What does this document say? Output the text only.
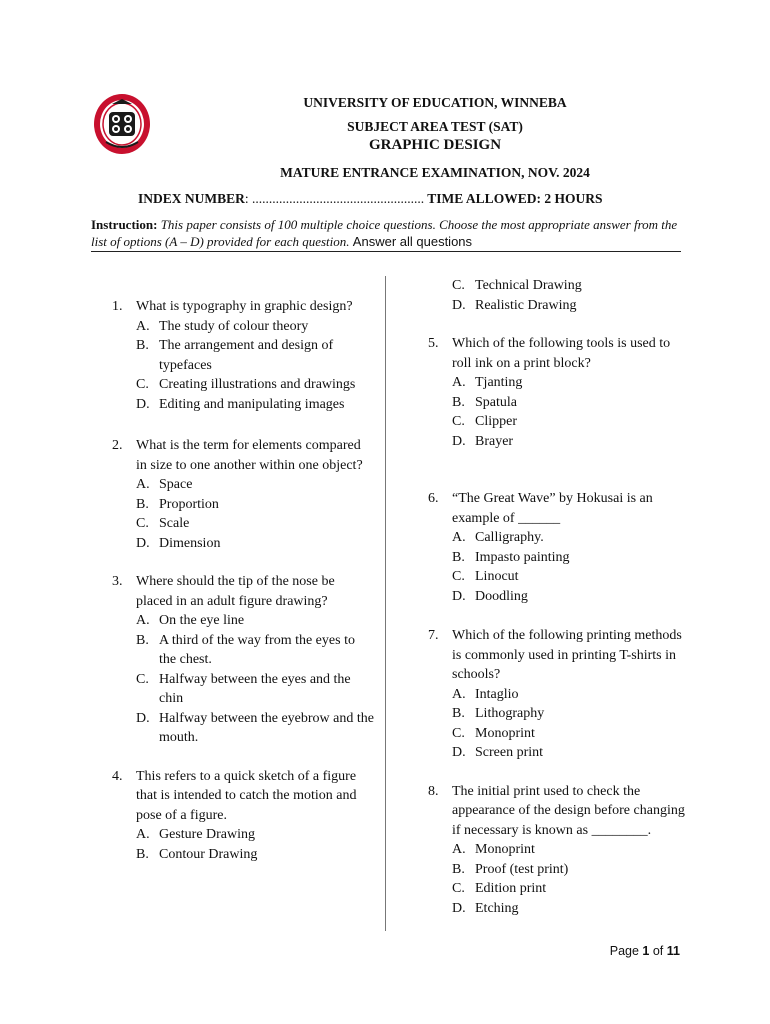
UNIVERSITY OF EDUCATION, WINNEBA
SUBJECT AREA TEST (SAT)
GRAPHIC DESIGN
MATURE ENTRANCE EXAMINATION, NOV. 2024
INDEX NUMBER: ................................................... TIME ALLOWED: 2 HOURS
Instruction: This paper consists of 100 multiple choice questions. Choose the most appropriate answer from the list of options (A – D) provided for each question. Answer all questions
1. What is typography in graphic design?
A. The study of colour theory
B. The arrangement and design of typefaces
C. Creating illustrations and drawings
D. Editing and manipulating images
2. What is the term for elements compared in size to one another within one object?
A. Space
B. Proportion
C. Scale
D. Dimension
3. Where should the tip of the nose be placed in an adult figure drawing?
A. On the eye line
B. A third of the way from the eyes to the chest.
C. Halfway between the eyes and the chin
D. Halfway between the eyebrow and the mouth.
4. This refers to a quick sketch of a figure that is intended to catch the motion and pose of a figure.
A. Gesture Drawing
B. Contour Drawing
C. Technical Drawing
D. Realistic Drawing
5. Which of the following tools is used to roll ink on a print block?
A. Tjanting
B. Spatula
C. Clipper
D. Brayer
6. “The Great Wave” by Hokusai is an example of ______
A. Calligraphy.
B. Impasto painting
C. Linocut
D. Doodling
7. Which of the following printing methods is commonly used in printing T-shirts in schools?
A. Intaglio
B. Lithography
C. Monoprint
D. Screen print
8. The initial print used to check the appearance of the design before changing if necessary is known as ________.
A. Monoprint
B. Proof (test print)
C. Edition print
D. Etching
Page 1 of 11
